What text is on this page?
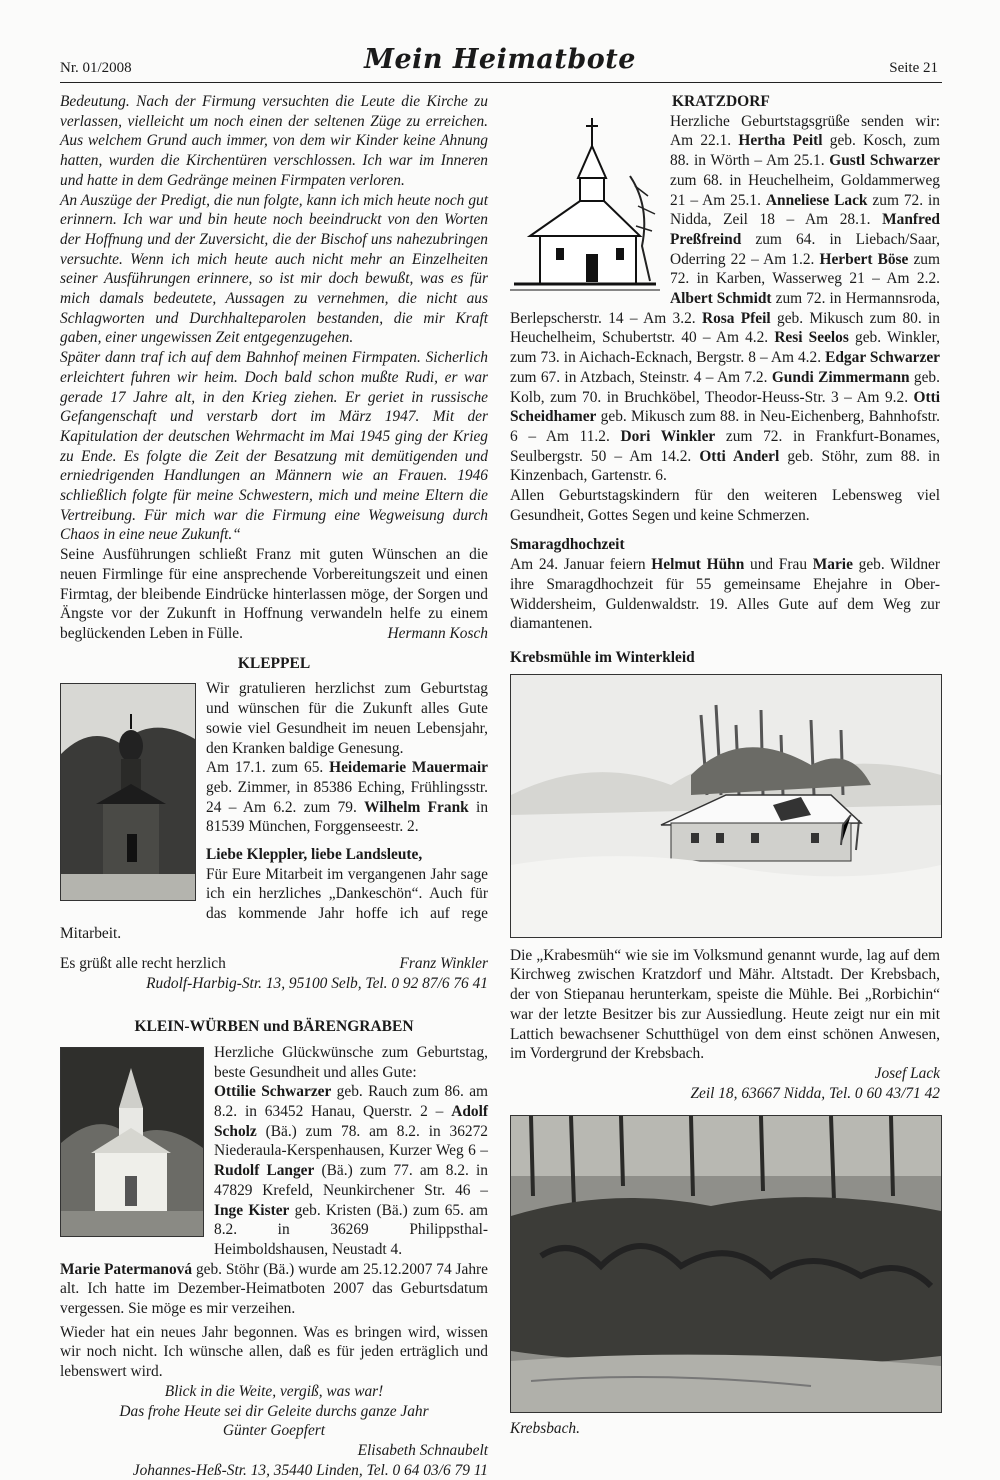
Nr. 01/2008	Mein Heimatbote	Seite 21

Bedeutung. Nach der Firmung versuchten die Leute die Kirche zu verlassen, vielleicht um noch einen der seltenen Züge zu erreichen. Aus welchem Grund auch immer, von dem wir Kinder keine Ahnung hatten, wurden die Kirchentüren verschlossen. Ich war im Inneren und hatte in dem Gedränge meinen Firmpaten verloren.

An Auszüge der Predigt, die nun folgte, kann ich mich heute noch gut erinnern. Ich war und bin heute noch beeindruckt von den Worten der Hoffnung und der Zuversicht, die der Bischof uns nahezubringen versuchte. Wenn ich mich heute auch nicht mehr an Einzelheiten seiner Ausführungen erinnere, so ist mir doch bewußt, was es für mich damals bedeutete, Aussagen zu vernehmen, die nicht aus Schlagworten und Durchhalteparolen bestanden, die mir Kraft gaben, einer ungewissen Zeit entgegenzugehen.

Später dann traf ich auf dem Bahnhof meinen Firmpaten. Sicherlich erleichtert fuhren wir heim. Doch bald schon mußte Rudi, er war gerade 17 Jahre alt, in den Krieg ziehen. Er geriet in russische Gefangenschaft und verstarb dort im März 1947. Mit der Kapitulation der deutschen Wehrmacht im Mai 1945 ging der Krieg zu Ende. Es folgte die Zeit der Besatzung mit demütigenden und erniedrigenden Handlungen an Männern wie an Frauen. 1946 schließlich folgte für meine Schwestern, mich und meine Eltern die Vertreibung. Für mich war die Firmung eine Wegweisung durch Chaos in eine neue Zukunft.“

Seine Ausführungen schließt Franz mit guten Wünschen an die neuen Firmlinge für eine ansprechende Vorbereitungszeit und einen Firmtag, der bleibende Eindrücke hinterlassen möge, der Sorgen und Ängste vor der Zukunft in Hoffnung verwandeln helfe zu einem beglückenden Leben in Fülle.	Hermann Kosch

KLEPPEL

Wir gratulieren herzlichst zum Geburtstag und wünschen für die Zukunft alles Gute sowie viel Gesundheit im neuen Lebensjahr, den Kranken baldige Genesung.

Am 17.1. zum 65. Heidemarie Mauermair geb. Zimmer, in 85386 Eching, Frühlingsstr. 24 – Am 6.2. zum 79. Wilhelm Frank in 81539 München, Forggenseestr. 2.

Liebe Kleppler, liebe Landsleute,

Für Eure Mitarbeit im vergangenen Jahr sage ich ein herzliches „Dankeschön“. Auch für das kommende Jahr hoffe ich auf rege Mitarbeit.

Es grüßt alle recht herzlich	Franz Winkler

Rudolf-Harbig-Str. 13, 95100 Selb, Tel. 0 92 87/6 76 41

KLEIN-WÜRBEN und BÄRENGRABEN

Herzliche Glückwünsche zum Geburtstag, beste Gesundheit und alles Gute:

Ottilie Schwarzer geb. Rauch zum 86. am 8.2. in 63452 Hanau, Querstr. 2 – Adolf Scholz (Bä.) zum 78. am 8.2. in 36272 Niederaula-Kerspenhausen, Kurzer Weg 6 – Rudolf Langer (Bä.) zum 77. am 8.2. in 47829 Krefeld, Neunkirchener Str. 46 – Inge Kister geb. Kristen (Bä.) zum 65. am 8.2. in 36269 Philippsthal-Heimboldshausen, Neustadt 4.

Marie Patermanová geb. Stöhr (Bä.) wurde am 25.12.2007 74 Jahre alt. Ich hatte im Dezember-Heimatboten 2007 das Geburtsdatum vergessen. Sie möge es mir verzeihen.

Wieder hat ein neues Jahr begonnen. Was es bringen wird, wissen wir noch nicht. Ich wünsche allen, daß es für jeden erträglich und lebenswert wird.

Blick in die Weite, vergiß, was war!

Das frohe Heute sei dir Geleite durchs ganze Jahr

Günter Goepfert

Elisabeth Schnaubelt

Johannes-Heß-Str. 13, 35440 Linden, Tel. 0 64 03/6 79 11

KRATZDORF

Herzliche Geburtstagsgrüße senden wir: Am 22.1. Hertha Peitl geb. Kosch, zum 88. in Wörth – Am 25.1. Gustl Schwarzer zum 68. in Heuchelheim, Goldammerweg 21 – Am 25.1. Anneliese Lack zum 72. in Nidda, Zeil 18 – Am 28.1. Manfred Preßfreind zum 64. in Liebach/Saar, Oderring 22 – Am 1.2. Herbert Böse zum 72. in Karben, Wasserweg 21 – Am 2.2. Albert Schmidt zum 72. in Hermannsroda, Berlepscherstr. 14 – Am 3.2. Rosa Pfeil geb. Mikusch zum 80. in Heuchelheim, Schubertstr. 40 – Am 4.2. Resi Seelos geb. Winkler, zum 73. in Aichach-Ecknach, Bergstr. 8 – Am 4.2. Edgar Schwarzer zum 67. in Atzbach, Steinstr. 4 – Am 7.2. Gundi Zimmermann geb. Kolb, zum 70. in Bruchköbel, Theodor-Heuss-Str. 3 – Am 9.2. Otti Scheidhamer geb. Mikusch zum 88. in Neu-Eichenberg, Bahnhofstr. 6 – Am 11.2. Dori Winkler zum 72. in Frankfurt-Bonames, Seulbergstr. 50 – Am 14.2. Otti Anderl geb. Stöhr, zum 88. in Kinzenbach, Gartenstr. 6.

Allen Geburtstagskindern für den weiteren Lebensweg viel Gesundheit, Gottes Segen und keine Schmerzen.

Smaragdhochzeit

Am 24. Januar feiern Helmut Hühn und Frau Marie geb. Wildner ihre Smaragdhochzeit für 55 gemeinsame Ehejahre in Ober-Widdersheim, Guldenwaldstr. 19. Alles Gute auf dem Weg zur diamantenen.

Krebsmühle im Winterkleid

Die „Krabesmüh“ wie sie im Volksmund genannt wurde, lag auf dem Kirchweg zwischen Kratzdorf und Mähr. Altstadt. Der Krebsbach, der von Stiepanau herunterkam, speiste die Mühle. Bei „Rorbichin“ war der letzte Besitzer bis zur Aussiedlung. Heute zeigt nur ein mit Lattich bewachsener Schutthügel von dem einst schönen Anwesen, im Vordergrund der Krebsbach.

Josef Lack

Zeil 18, 63667 Nidda, Tel. 0 60 43/71 42

Krebsbach.
